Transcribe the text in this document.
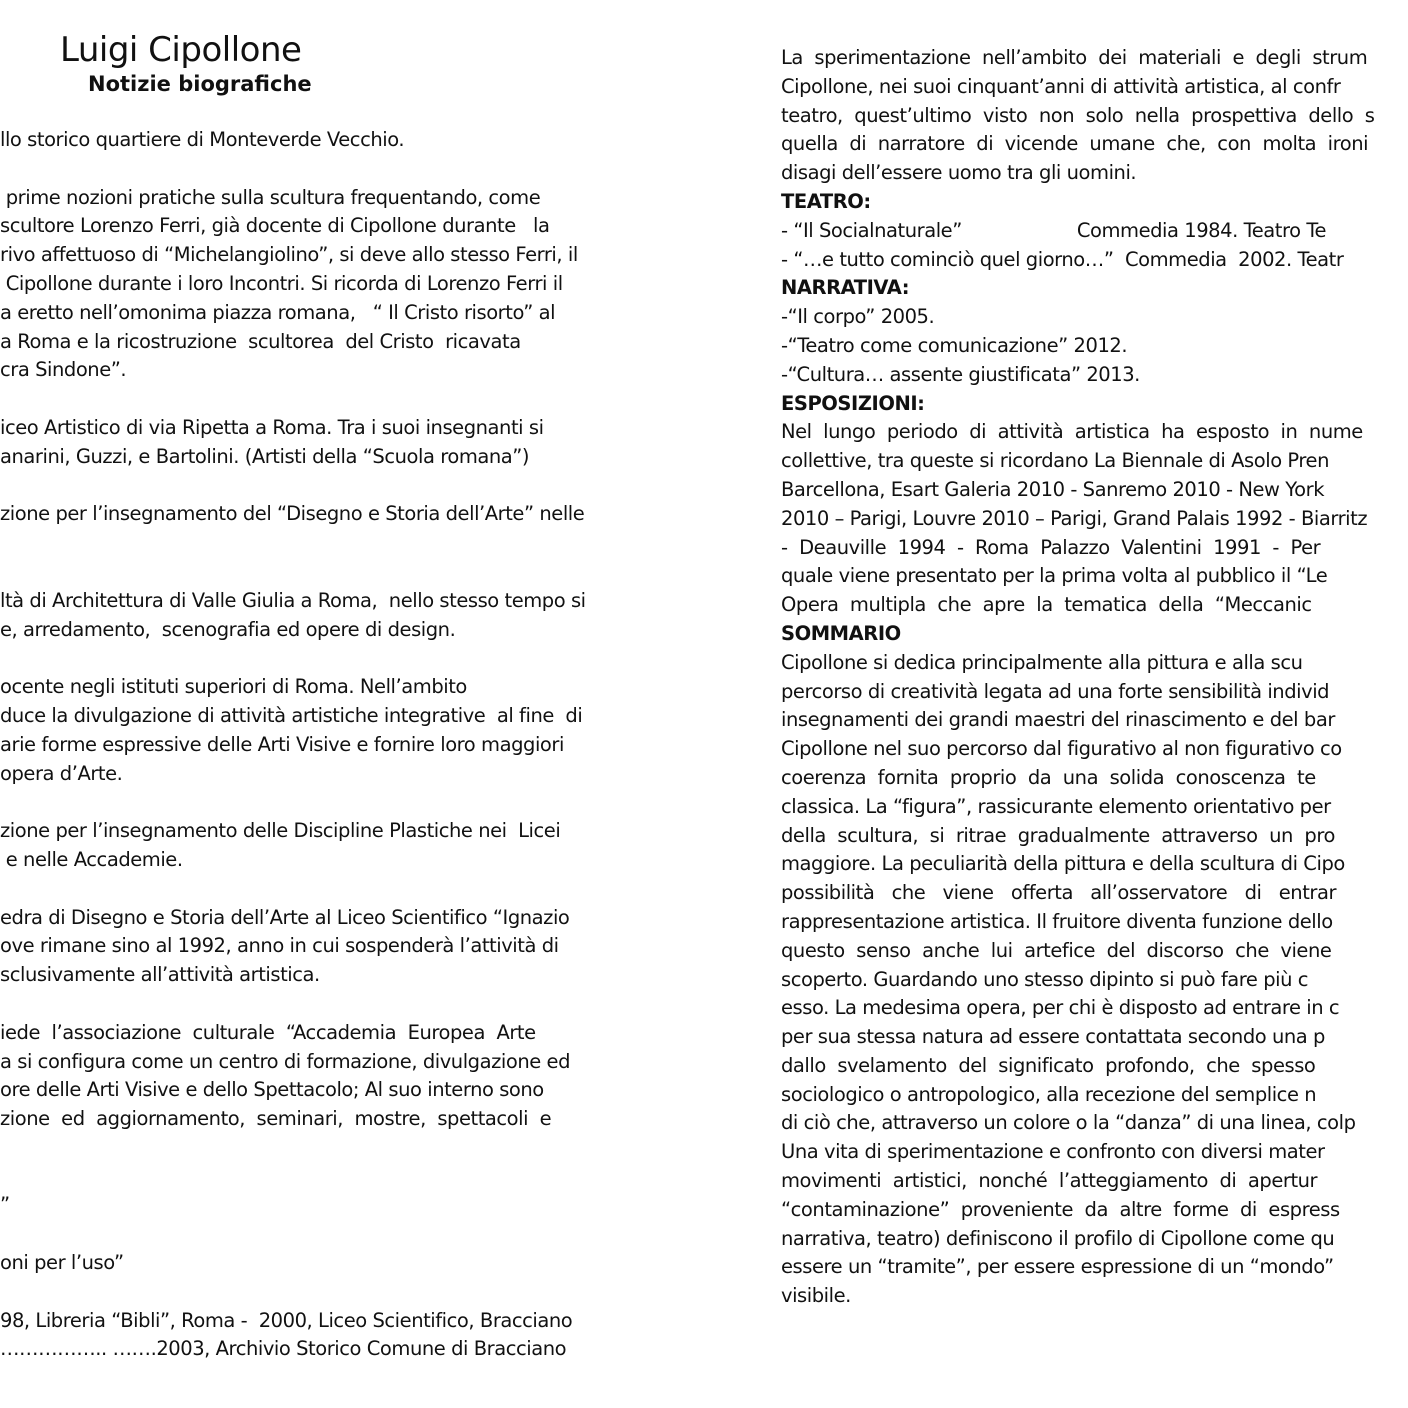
Luigi Cipollone
Notizie biografiche
llo storico quartiere di Monteverde Vecchio.
prime nozioni pratiche sulla scultura frequentando, come
scultore Lorenzo Ferri, già docente di Cipollone durante   la
rivo affettuoso di “Michelangiolino”, si deve allo stesso Ferri, il
Cipollone durante i loro Incontri. Si ricorda di Lorenzo Ferri il
a eretto nell’omonima piazza romana,   “ Il Cristo risorto” al
a Roma e la ricostruzione  scultorea  del Cristo  ricavata
cra Sindone”.
iceo Artistico di via Ripetta a Roma. Tra i suoi insegnanti si
anarini, Guzzi, e Bartolini. (Artisti della “Scuola romana”)
zione per l’insegnamento del “Disegno e Storia dell’Arte” nelle
ltà di Architettura di Valle Giulia a Roma,  nello stesso tempo si
e, arredamento,  scenografia ed opere di design.
ocente negli istituti superiori di Roma. Nell’ambito
duce la divulgazione di attività artistiche integrative  al fine  di
arie forme espressive delle Arti Visive e fornire loro maggiori
opera d’Arte.
zione per l’insegnamento delle Discipline Plastiche nei  Licei
e nelle Accademie.
edra di Disegno e Storia dell’Arte al Liceo Scientifico “Ignazio
ove rimane sino al 1992, anno in cui sospenderà l’attività di
sclusivamente all’attività artistica.
iede  l’associazione  culturale  “Accademia  Europea  Arte
a si configura come un centro di formazione, divulgazione ed
ore delle Arti Visive e dello Spettacolo; Al suo interno sono
zione  ed  aggiornamento,  seminari,  mostre,  spettacoli  e
”
oni per l’uso”
98, Libreria “Bibli”, Roma -  2000, Liceo Scientifico, Bracciano
…………….. …….2003, Archivio Storico Comune di Bracciano
La  sperimentazione  nell’ambito  dei  materiali  e  degli  strum
Cipollone, nei suoi cinquant’anni di attività artistica, al confr
teatro,  quest’ultimo  visto  non  solo  nella  prospettiva  dello  s
quella  di  narratore  di  vicende  umane  che,  con  molta  ironi
disagi dell’essere uomo tra gli uomini.
TEATRO:
- “Il Socialnaturale”                    Commedia 1984. Teatro Te
- “…e tutto cominciò quel giorno…”  Commedia  2002. Teatr
NARRATIVA:
-“Il corpo” 2005.
-“Teatro come comunicazione” 2012.
-“Cultura… assente giustificata” 2013.
ESPOSIZIONI:
Nel  lungo  periodo  di  attività  artistica  ha  esposto  in  nume
collettive, tra queste si ricordano La Biennale di Asolo Pren
Barcellona, Esart Galeria 2010 - Sanremo 2010 - New York
2010 – Parigi, Louvre 2010 – Parigi, Grand Palais 1992 - Biarritz
-  Deauville  1994  -  Roma  Palazzo  Valentini  1991  -  Per
quale viene presentato per la prima volta al pubblico il “Le
Opera  multipla  che  apre  la  tematica  della  “Meccanic
SOMMARIO
Cipollone si dedica principalmente alla pittura e alla scu
percorso di creatività legata ad una forte sensibilità individ
insegnamenti dei grandi maestri del rinascimento e del bar
Cipollone nel suo percorso dal figurativo al non figurativo co
coerenza  fornita  proprio  da  una  solida  conoscenza  te
classica. La “figura”, rassicurante elemento orientativo per
della  scultura,  si  ritrae  gradualmente  attraverso  un  pro
maggiore. La peculiarità della pittura e della scultura di Cipo
possibilità   che   viene   offerta   all’osservatore   di   entrar
rappresentazione artistica. Il fruitore diventa funzione dello
questo  senso  anche  lui  artefice  del  discorso  che  viene
scoperto. Guardando uno stesso dipinto si può fare più c
esso. La medesima opera, per chi è disposto ad entrare in c
per sua stessa natura ad essere contattata secondo una p
dallo  svelamento  del  significato  profondo,  che  spesso
sociologico o antropologico, alla recezione del semplice n
di ciò che, attraverso un colore o la “danza” di una linea, colp
Una vita di sperimentazione e confronto con diversi mater
movimenti  artistici,  nonché  l’atteggiamento  di  apertur
“contaminazione”  proveniente  da  altre  forme  di  espress
narrativa, teatro) definiscono il profilo di Cipollone come qu
essere un “tramite”, per essere espressione di un “mondo”
visibile.
